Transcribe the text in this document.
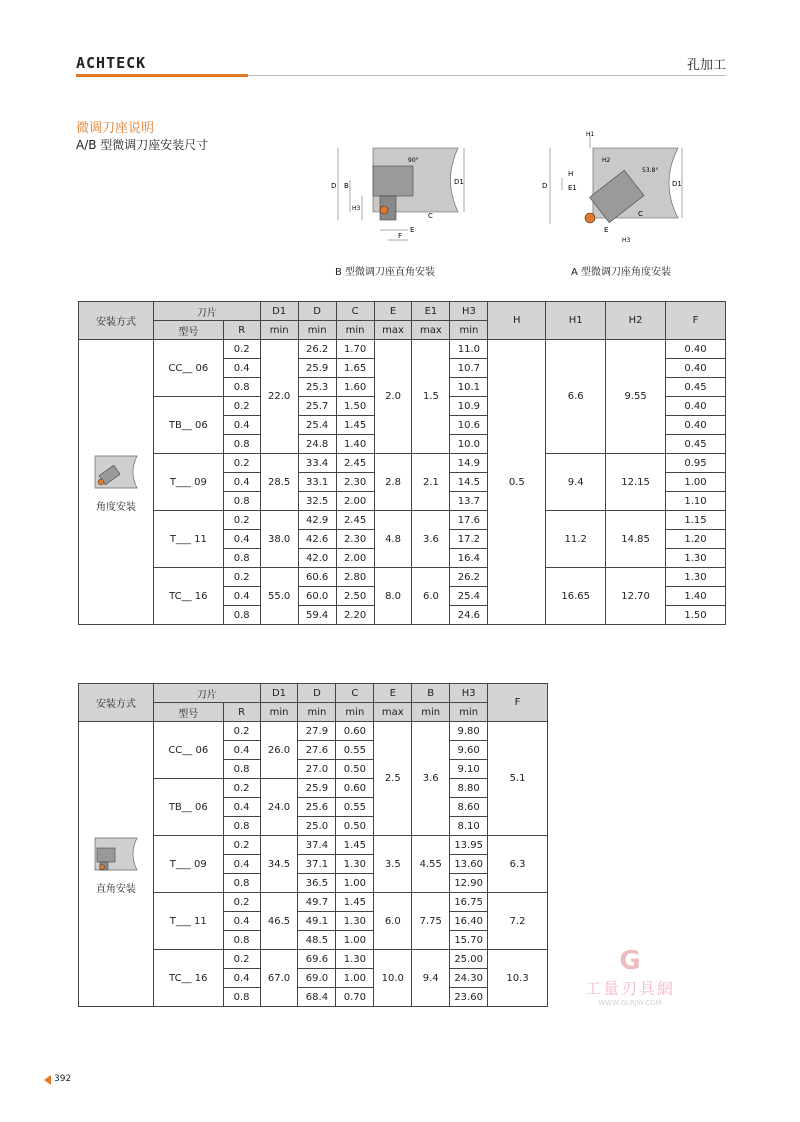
ACHTECK	孔加工
微调刀座说明
A/B 型微调刀座安装尺寸
D B
H3
D1
C
E
F
90°
B 型微调刀座直角安装
D
H
E1
H1
H2
D1
C
E
H3
53.8°
A 型微调刀座角度安装
安装方式	刀片		D1	D	C	E	E1	H3	H	H1	H2	F
	型号	R	min	min	min	max	max	min				

角度安装	CC__ 06	0.2	22.0	26.2	1.70	2.0	1.5	11.0	0.5	6.6	9.55	0.40
		0.4		25.9	1.65			10.7				0.40
		0.8		25.3	1.60			10.1				0.45
	TB__ 06	0.2		25.7	1.50			10.9				0.40
		0.4		25.4	1.45			10.6				0.40
		0.8		24.8	1.40			10.0				0.45
	T___ 09	0.2	28.5	33.4	2.45	2.8	2.1	14.9		9.4	12.15	0.95
		0.4		33.1	2.30			14.5				1.00
		0.8		32.5	2.00			13.7				1.10
	T___ 11	0.2	38.0	42.9	2.45	4.8	3.6	17.6		11.2	14.85	1.15
		0.4		42.6	2.30			17.2				1.20
		0.8		42.0	2.00			16.4				1.30
	TC__ 16	0.2	55.0	60.6	2.80	8.0	6.0	26.2		16.65	12.70	1.30
		0.4		60.0	2.50			25.4				1.40
		0.8		59.4	2.20			24.6				1.50
安装方式	刀片		D1	D	C	E	B	H3	F
	型号	R	min	min	min	max	min	min	

直角安装	CC__ 06	0.2	26.0	27.9	0.60	2.5	3.6	9.80	5.1
		0.4		27.6	0.55			9.60	
		0.8		27.0	0.50			9.10	
	TB__ 06	0.2	24.0	25.9	0.60			8.80	
		0.4		25.6	0.55			8.60	
		0.8		25.0	0.50			8.10	
	T___ 09	0.2	34.5	37.4	1.45	3.5	4.55	13.95	6.3
		0.4		37.1	1.30			13.60	
		0.8		36.5	1.00			12.90	
	T___ 11	0.2	46.5	49.7	1.45	6.0	7.75	16.75	7.2
		0.4		49.1	1.30			16.40	
		0.8		48.5	1.00			15.70	
	TC__ 16	0.2	67.0	69.6	1.30	10.0	9.4	25.00	10.3
		0.4		69.0	1.00			24.30	
		0.8		68.4	0.70			23.60	
G
工量刃具網
WWW.GLRJW.COM
392
